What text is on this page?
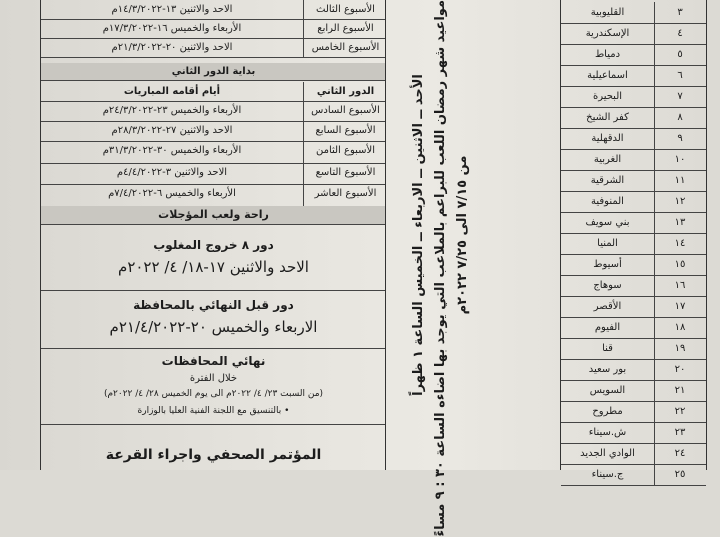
الاحد والاثنين ١٣-١٤/٣/٢٠٢٢م	الأسبوع الثالث
الأربعاء والخميس ١٦-١٧/٣/٢٠٢٢م	الأسبوع الرابع
الاحد والاثنين ٢٠-٢١/٣/٢٠٢٢م	الأسبوع الخامس
بداية الدور الثاني
أيام أقامه المباريات	الدور الثاني
الأربعاء والخميس ٢٣-٢٤/٣/٢٠٢٢م	الأسبوع السادس
الاحد والاثنين ٢٧-٢٨/٣/٢٠٢٢م	الأسبوع السابع
الأربعاء والخميس ٣٠-٣١/٣/٢٠٢٢م	الأسبوع الثامن
الاحد والاثنين ٣-٤/٤/٢٠٢٢م	الأسبوع التاسع
الأربعاء والخميس ٦-٧/٤/٢٠٢٢م	الأسبوع العاشر
راحة ولعب المؤجلات
دور ٨ خروج المغلوب
الاحد والاثنين ١٧-١٨/ ٤/ ٢٠٢٢م
دور قبل النهائي بالمحافظة
الاربعاء والخميس ٢٠-٢١/٤/٢٠٢٢م
نهائي المحافظات
خلال الفترة
(من السبت ٢٣/ ٤/ ٢٠٢٢م الى يوم الخميس ٢٨/ ٤/ ٢٠٢٢م)
• بالتنسيق مع اللجنة الفنية العليا بالوزارة
المؤتمر الصحفي واجراء القرعة
الأحد ــ الاثنين ــ الاربعاء ــ الخميس الساعة ١ ظهراً
مواعيد شهر رمضان اللعب للبراعم بالملاعب التي يوجد بها اضاءه الساعة ٣٠ : ٩ مساءً من ٧/١٥ الى ٧/٢٥ ٢٠٢٢م
القليوبية	٣
الإسكندرية	٤
دمياط	٥
اسماعيلية	٦
البحيرة	٧
كفر الشيخ	٨
الدقهلية	٩
الغربية	١٠
الشرقية	١١
المنوفية	١٢
بني سويف	١٣
المنيا	١٤
أسيوط	١٥
سوهاج	١٦
الأقصر	١٧
الفيوم	١٨
قنا	١٩
بور سعيد	٢٠
السويس	٢١
مطروح	٢٢
ش.سيناء	٢٣
الوادي الجديد	٢٤
ج.سيناء	٢٥
